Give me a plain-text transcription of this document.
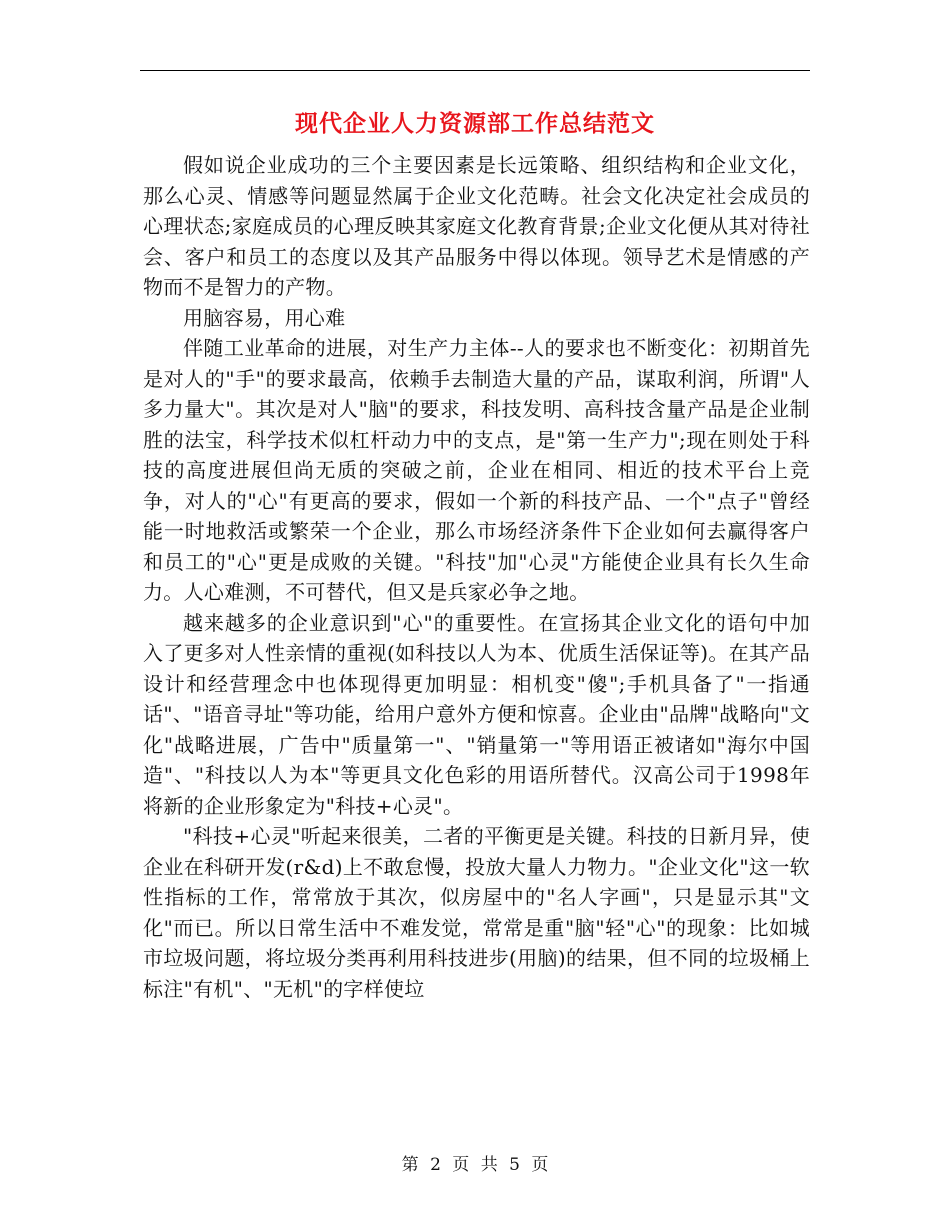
现代企业人力资源部工作总结范文

假如说企业成功的三个主要因素是长远策略、组织结构和企业文化，那么心灵、情感等问题显然属于企业文化范畴。社会文化决定社会成员的心理状态;家庭成员的心理反映其家庭文化教育背景;企业文化便从其对待社会、客户和员工的态度以及其产品服务中得以体现。领导艺术是情感的产物而不是智力的产物。

用脑容易，用心难

伴随工业革命的进展，对生产力主体--人的要求也不断变化：初期首先是对人的"手"的要求最高，依赖手去制造大量的产品，谋取利润，所谓"人多力量大"。其次是对人"脑"的要求，科技发明、高科技含量产品是企业制胜的法宝，科学技术似杠杆动力中的支点，是"第一生产力";现在则处于科技的高度进展但尚无质的突破之前，企业在相同、相近的技术平台上竞争，对人的"心"有更高的要求，假如一个新的科技产品、一个"点子"曾经能一时地救活或繁荣一个企业，那么市场经济条件下企业如何去赢得客户和员工的"心"更是成败的关键。"科技"加"心灵"方能使企业具有长久生命力。人心难测，不可替代，但又是兵家必争之地。

越来越多的企业意识到"心"的重要性。在宣扬其企业文化的语句中加入了更多对人性亲情的重视(如科技以人为本、优质生活保证等)。在其产品设计和经营理念中也体现得更加明显：相机变"傻";手机具备了"一指通话"、"语音寻址"等功能，给用户意外方便和惊喜。企业由"品牌"战略向"文化"战略进展，广告中"质量第一"、"销量第一"等用语正被诸如"海尔中国造"、"科技以人为本"等更具文化色彩的用语所替代。汉高公司于1998年将新的企业形象定为"科技+心灵"。

"科技+心灵"听起来很美，二者的平衡更是关键。科技的日新月异，使企业在科研开发(r&d)上不敢怠慢，投放大量人力物力。"企业文化"这一软性指标的工作，常常放于其次，似房屋中的"名人字画"，只是显示其"文化"而已。所以日常生活中不难发觉，常常是重"脑"轻"心"的现象：比如城市垃圾问题，将垃圾分类再利用科技进步(用脑)的结果，但不同的垃圾桶上标注"有机"、"无机"的字样使垃

第 2 页 共 5 页
